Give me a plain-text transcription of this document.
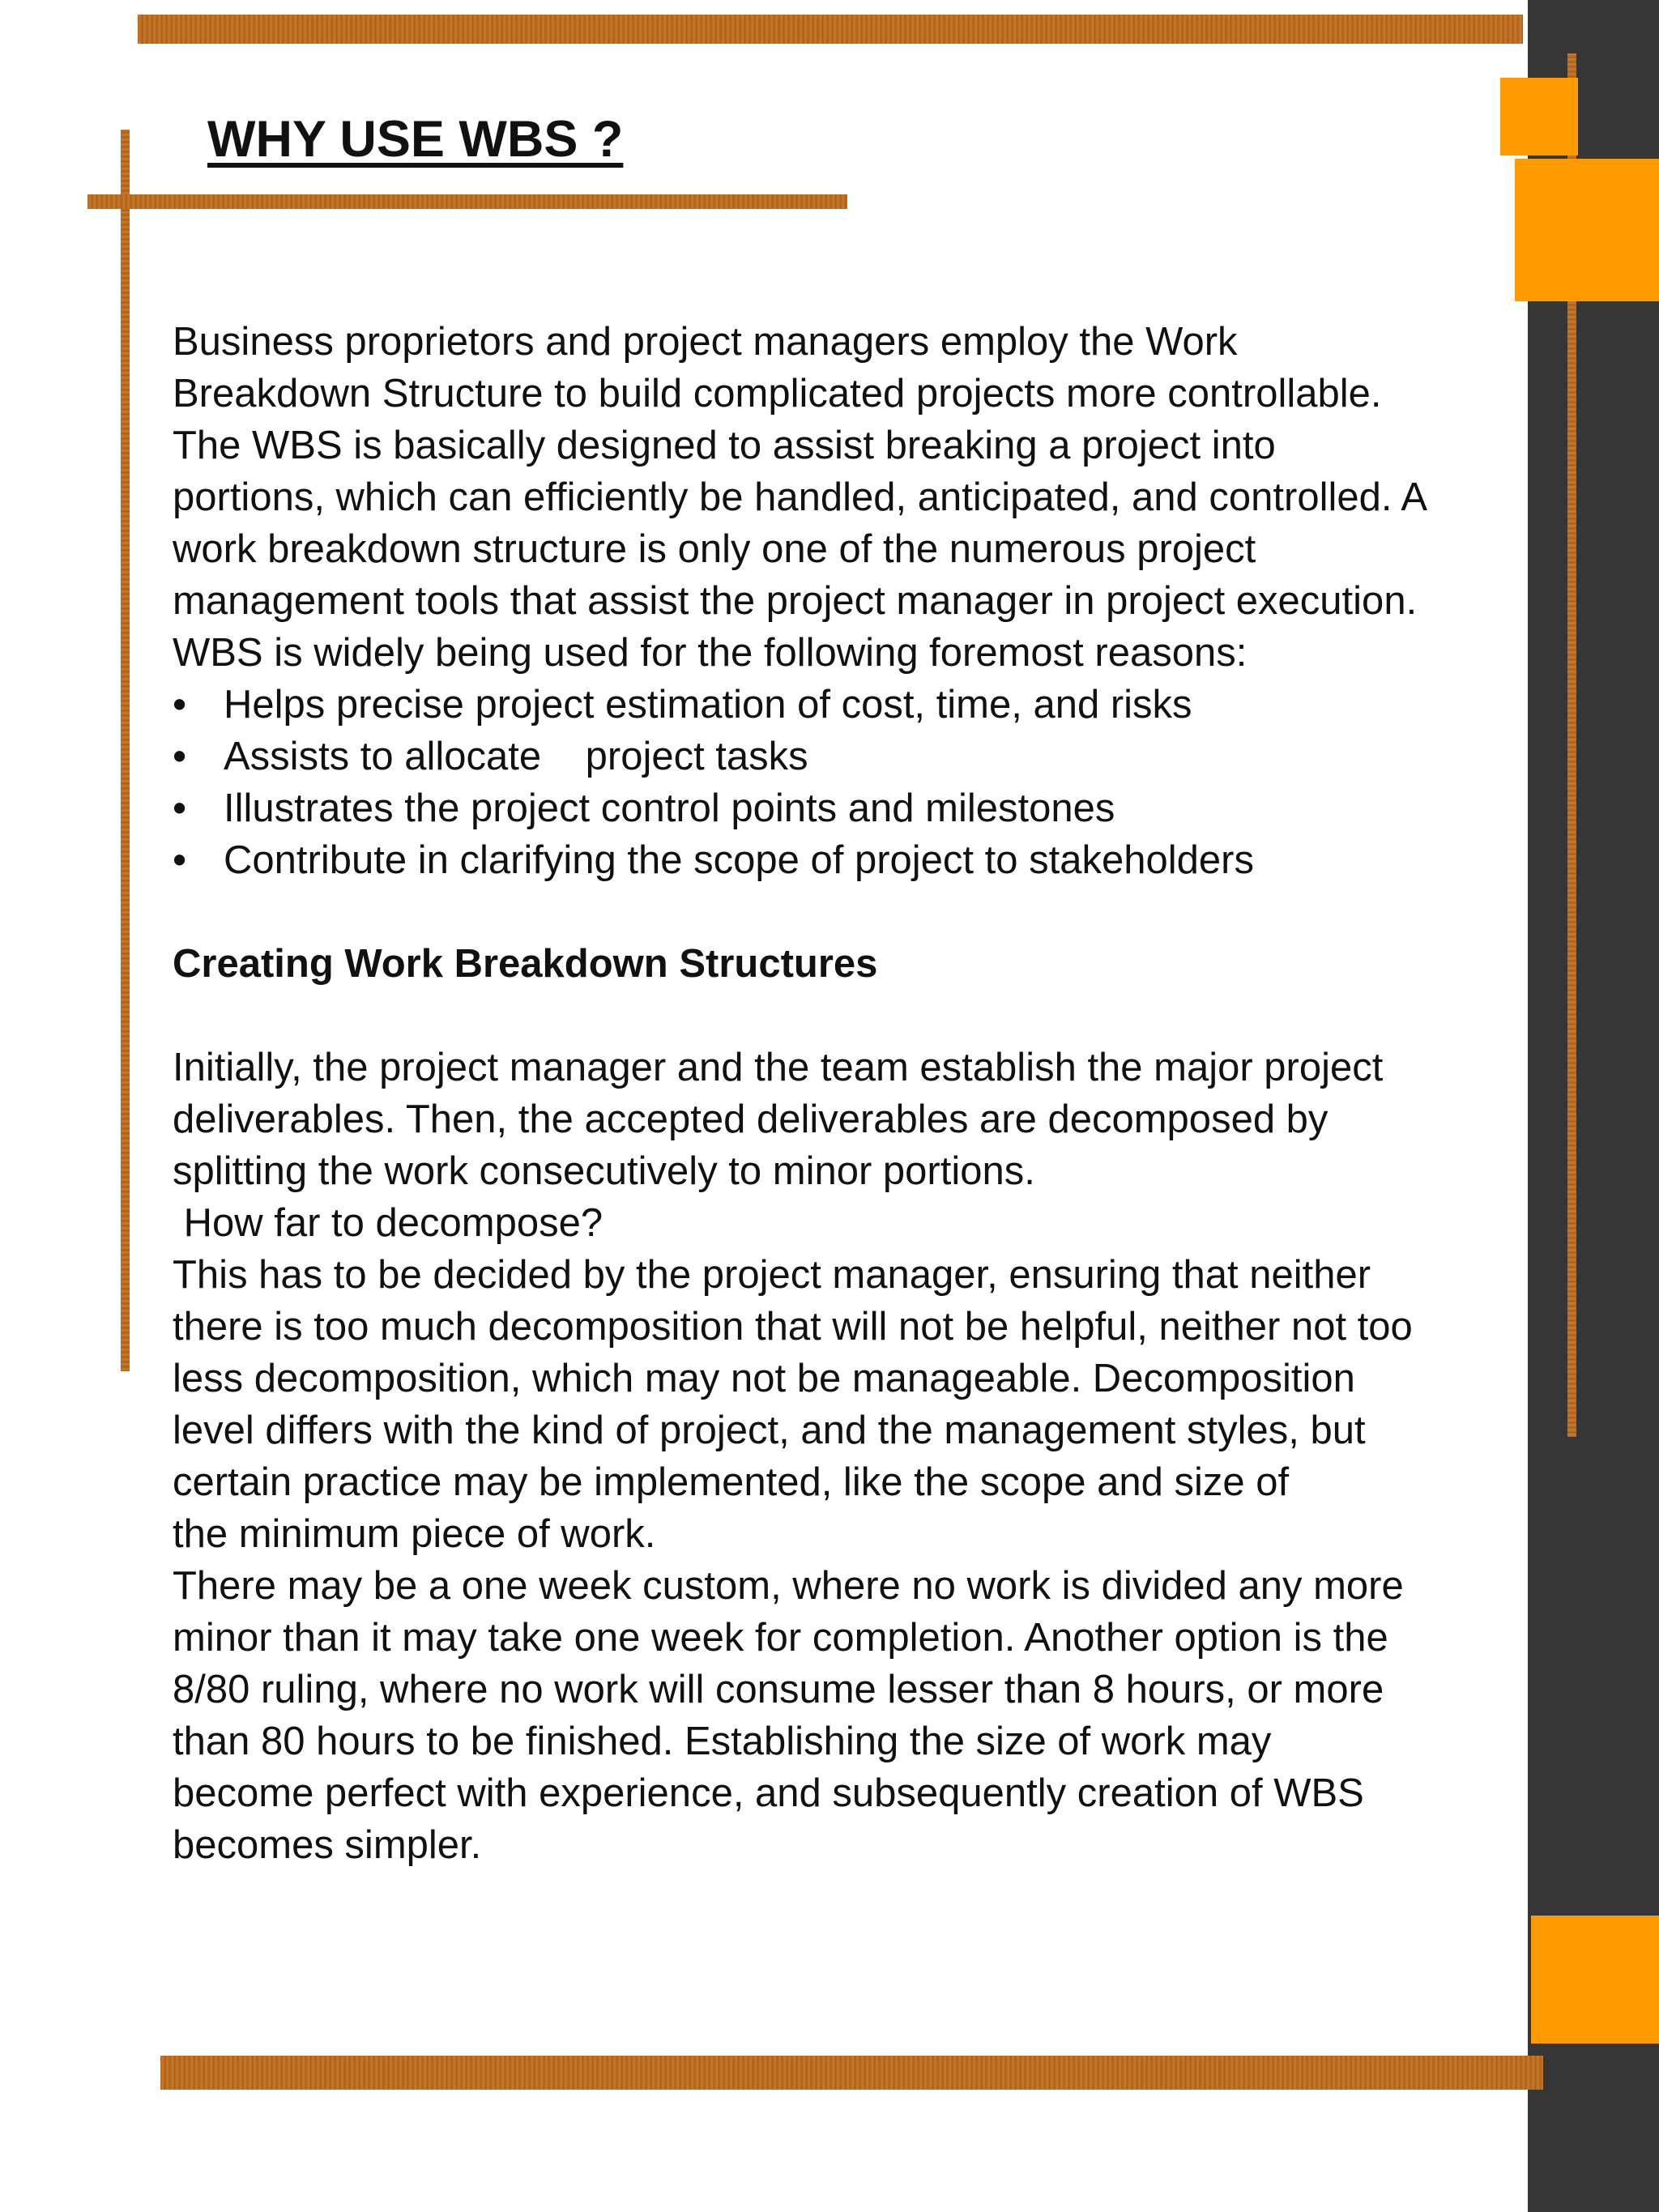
WHY USE WBS ?
Business proprietors and project managers employ the Work
Breakdown Structure to build complicated projects more controllable.
The WBS is basically designed to assist breaking a project into
portions, which can efficiently be handled, anticipated, and controlled. A
work breakdown structure is only one of the numerous project
management tools that assist the project manager in project execution.
WBS is widely being used for the following foremost reasons:
• Helps precise project estimation of cost, time, and risks
• Assists to allocate    project tasks
• Illustrates the project control points and milestones
• Contribute in clarifying the scope of project to stakeholders
Creating Work Breakdown Structures
Initially, the project manager and the team establish the major project
deliverables. Then, the accepted deliverables are decomposed by
splitting the work consecutively to minor portions.
How far to decompose?
This has to be decided by the project manager, ensuring that neither
there is too much decomposition that will not be helpful, neither not too
less decomposition, which may not be manageable. Decomposition
level differs with the kind of project, and the management styles, but
certain practice may be implemented, like the scope and size of
the minimum piece of work.
There may be a one week custom, where no work is divided any more
minor than it may take one week for completion. Another option is the
8/80 ruling, where no work will consume lesser than 8 hours, or more
than 80 hours to be finished. Establishing the size of work may
become perfect with experience, and subsequently creation of WBS
becomes simpler.
